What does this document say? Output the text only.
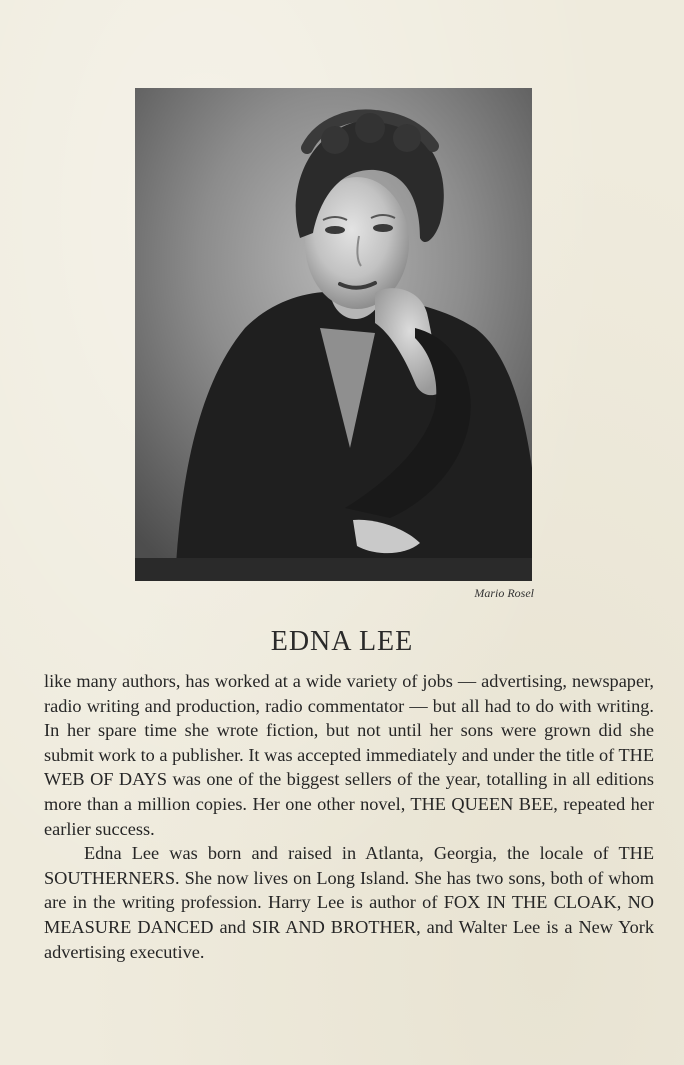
Mario Rosel
EDNA LEE

like many authors, has worked at a wide variety of jobs — advertising, newspaper, radio writing and production, radio commentator — but all had to do with writing. In her spare time she wrote fiction, but not until her sons were grown did she submit work to a publisher. It was accepted immediately and under the title of THE WEB OF DAYS was one of the biggest sellers of the year, totalling in all editions more than a million copies. Her one other novel, THE QUEEN BEE, repeated her earlier success.

Edna Lee was born and raised in Atlanta, Georgia, the locale of THE SOUTHERNERS. She now lives on Long Island. She has two sons, both of whom are in the writing profession. Harry Lee is author of FOX IN THE CLOAK, NO MEASURE DANCED and SIR AND BROTHER, and Walter Lee is a New York advertising executive.
